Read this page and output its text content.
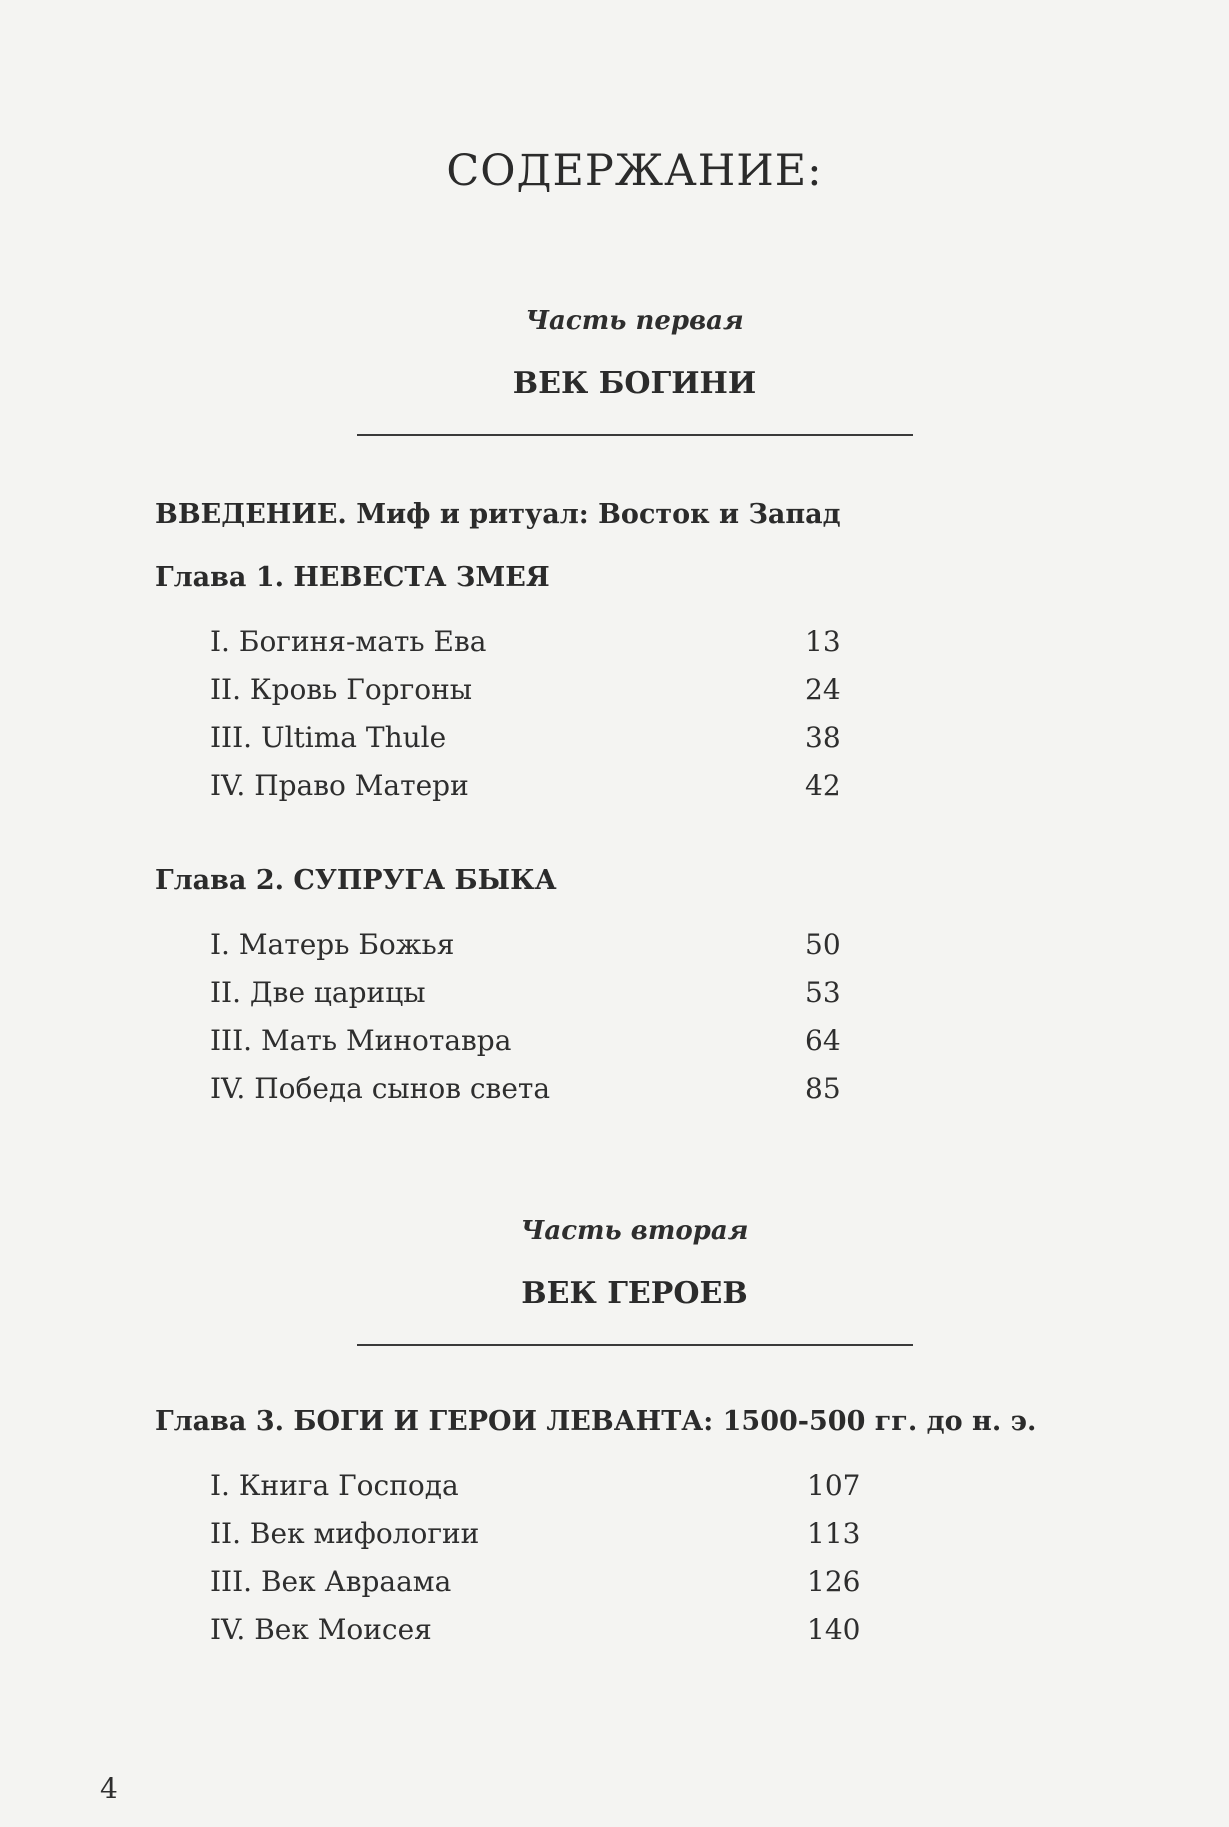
СОДЕРЖАНИЕ:
Часть первая
ВЕК БОГИНИ
ВВЕДЕНИЕ. Миф и ритуал: Восток и Запад
Глава 1. НЕВЕСТА ЗМЕЯ
I. Богиня-мать Ева	13
II. Кровь Горгоны	24
III. Ultima Thule	38
IV. Право Матери	42
Глава 2. СУПРУГА БЫКА
I. Матерь Божья	50
II. Две царицы	53
III. Мать Минотавра	64
IV. Победа сынов света	85
Часть вторая
ВЕК ГЕРОЕВ
Глава 3. БОГИ И ГЕРОИ ЛЕВАНТА: 1500-500 гг. до н. э.
I. Книга Господа	107
II. Век мифологии	113
III. Век Авраама	126
IV. Век Моисея	140
4
